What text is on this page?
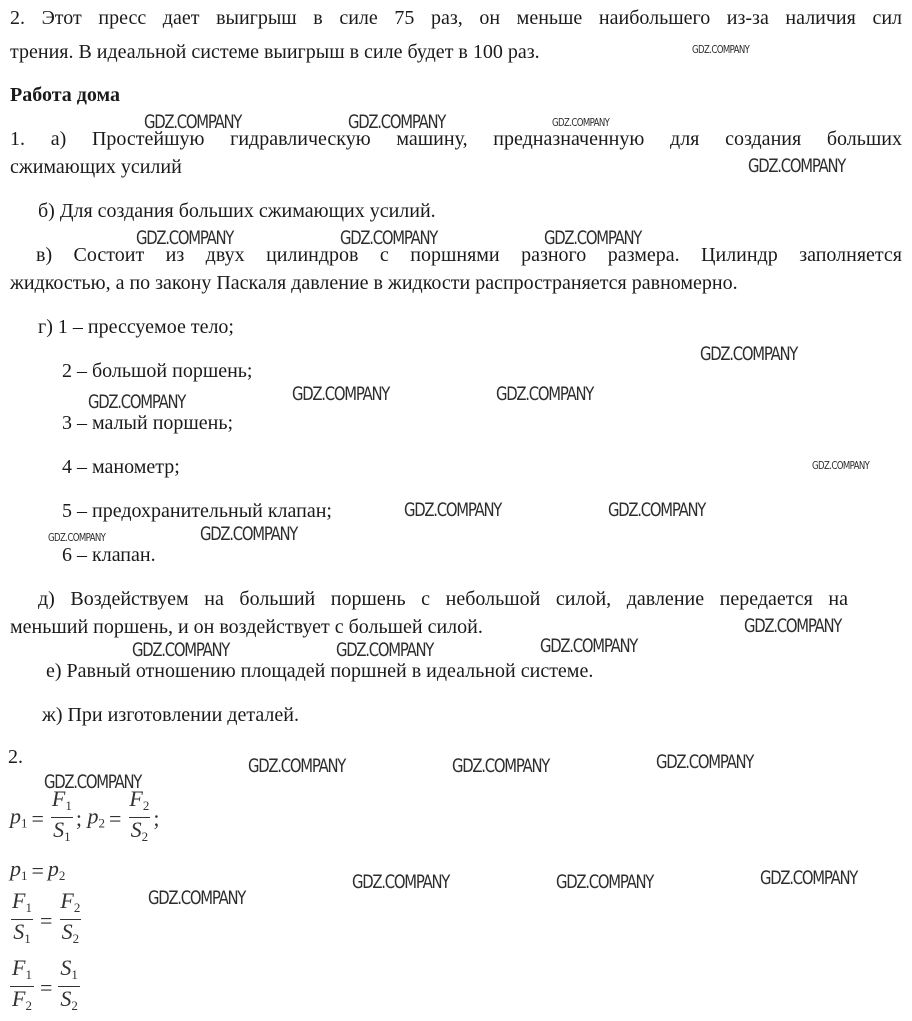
2. Этот пресс дает выигрыш в силе 75 раз, он меньше наибольшего из-за наличия сил
трения. В идеальной системе выигрыш в силе будет в 100 раз.
Работа дома
1. а) Простейшую гидравлическую машину, предназначенную для создания больших
сжимающих усилий
б) Для создания больших сжимающих усилий.
в) Состоит из двух цилиндров с поршнями разного размера. Цилиндр заполняется
жидкостью, а по закону Паскаля давление в жидкости распространяется равномерно.
г) 1 – прессуемое тело;
2 – большой поршень;
3 – малый поршень;
4 – манометр;
5 – предохранительный клапан;
6 – клапан.
д) Воздействуем на больший поршень с небольшой силой, давление передается на
меньший поршень, и он воздействует с большей силой.
е) Равный отношению площадей поршней в идеальной системе.
ж) При изготовлении деталей.
2.
$p_1 = \frac{F_1}{S_1}$ ; $p_2 = \frac{F_2}{S_2}$ ;
$p_1 = p_2$
$\frac{F_1}{S_1} = \frac{F_2}{S_2}$
$\frac{F_1}{F_2} = \frac{S_1}{S_2}$
GDZ.COMPANY
GDZ.COMPANY	GDZ.COMPANY	GDZ.COMPANY
GDZ.COMPANY
GDZ.COMPANY	GDZ.COMPANY	GDZ.COMPANY
GDZ.COMPANY
GDZ.COMPANY	GDZ.COMPANY
GDZ.COMPANY
GDZ.COMPANY
GDZ.COMPANY	GDZ.COMPANY
GDZ.COMPANY
GDZ.COMPANY
GDZ.COMPANY
GDZ.COMPANY
GDZ.COMPANY	GDZ.COMPANY
GDZ.COMPANY
GDZ.COMPANY	GDZ.COMPANY
GDZ.COMPANY
GDZ.COMPANY
GDZ.COMPANY	GDZ.COMPANY
GDZ.COMPANY
